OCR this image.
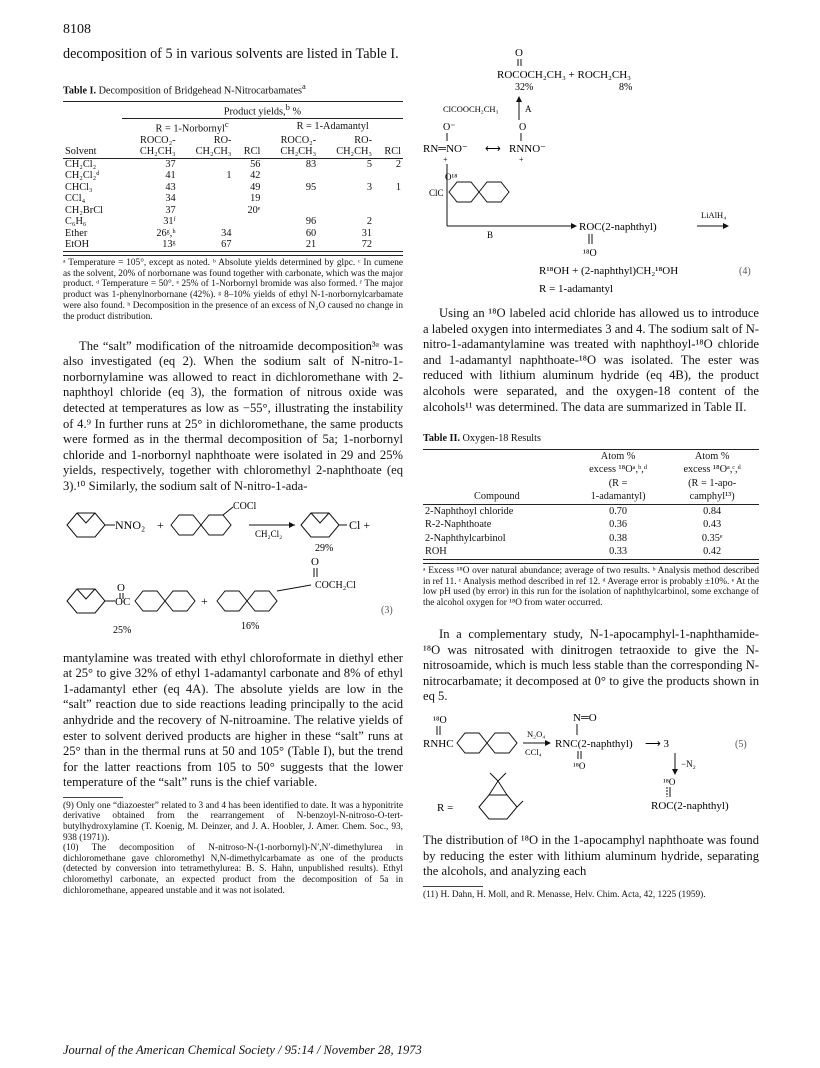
8108

decomposition of 5 in various solvents are listed in Table I.

Table I. Decomposition of Bridgehead N-Nitrocarbamates$^a$
	Product yields,$^b$ %					
	R = 1-Norbornyl$^c$			R = 1-Adamantyl		
	ROCO₂-	RO-		ROCO₂-	RO-	
Solvent	CH₂CH₃	CH₂CH₃	RCl	CH₂CH₃	CH₂CH₃	RCl
CH₂Cl₂	37		56	83	5	2
CH₂Cl₂ᵈ	41	1	42			
CHCl₃	43		49	95	3	1
CCl₄	34		19			
CH₂BrCl	37		20ᵉ			
C₆H₆	31ᶠ			96	2	
Ether	26ᵍ,ʰ	34		60	31	
EtOH	13ᵍ	67		21	72	
ᵃ Temperature = 105°, except as noted. ᵇ Absolute yields determined by glpc. ᶜ In cumene as the solvent, 20% of norbornane was found together with carbonate, which was the major product. ᵈ Temperature = 50°. ᵉ 25% of 1-Norbornyl bromide was also formed. ᶠ The major product was 1-phenylnorbornane (42%). ᵍ 8–10% yields of ethyl N-1-norbornylcarbamate were also found. ʰ Decomposition in the presence of an excess of N₂O caused no change in the product distribution.

The “salt” modification of the nitroamide decomposition³ᵃ was also investigated (eq 2). When the sodium salt of N-nitro-1-norbornylamine was allowed to react in dichloromethane with 2-naphthoyl chloride (eq 3), the formation of nitrous oxide was detected at temperatures as low as −55°, illustrating the instability of 4.⁹ In further runs at 25° in dichloromethane, the same products were formed as in the thermal decomposition of 5a; 1-norbornyl chloride and 1-norbornyl naphthoate were isolated in 29 and 25% yields, respectively, together with chloromethyl 2-naphthoate (eq 3).¹⁰ Similarly, the sodium salt of N-nitro-1-ada-

NNO₂ +
COCl
CH₂Cl₂
Cl +
29%
O
COCH₂Cl
O
OC	+
(3)
25%	16%

mantylamine was treated with ethyl chloroformate in diethyl ether at 25° to give 32% of ethyl 1-adamantyl carbonate and 8% of ethyl 1-adamantyl ether (eq 4A). The absolute yields are low in the “salt” reaction due to side reactions leading principally to the acid anhydride and the recovery of N-nitroamine. The relative yields of ester to solvent derived products are higher in these “salt” runs at 25° than in the thermal runs at 50 and 105° (Table I), but the trend for the latter reactions from 105 to 50° suggests that the lower temperature of the “salt” runs is the chief variable.

(9) Only one “diazoester” related to 3 and 4 has been identified to date. It was a hyponitrite derivative obtained from the rearrangement of N-benzoyl-N-nitroso-O-tert-butylhydroxylamine (T. Koenig, M. Deinzer, and J. A. Hoobler, J. Amer. Chem. Soc., 93, 938 (1971)).
(10) The decomposition of N-nitroso-N-(1-norbornyl)-N′,N′-dimethylurea in dichloromethane gave chloromethyl N,N-dimethylcarbamate as one of the products (detected by conversion into tetramethylurea: B. S. Hahn, unpublished results). Ethyl chloromethyl carbonate, an expected product from the decomposition of 5a in dichloromethane, appeared unstable and it was not isolated.
O
ROCOCH₂CH₃ + ROCH₂CH₃
32%	8%
ClCOOCH₂CH₃	A
O⁻	O
RN═NO⁻ ⟷ RNNO⁻
+	+
O¹⁸
ClC
B
ROC(2-naphthyl)
LiAlH₄
¹⁸O
R¹⁸OH + (2-naphthyl)CH₂¹⁸OH	(4)
R = 1-adamantyl

Using an ¹⁸O labeled acid chloride has allowed us to introduce a labeled oxygen into intermediates 3 and 4. The sodium salt of N-nitro-1-adamantylamine was treated with naphthoyl-¹⁸O chloride and 1-adamantyl naphthoate-¹⁸O was isolated. The ester was reduced with lithium aluminum hydride (eq 4B), the product alcohols were separated, and the oxygen-18 content of the alcohols¹¹ was determined. The data are summarized in Table II.

Table II. Oxygen-18 Results
	Atom %	Atom %
	excess ¹⁸Oᵃ,ᵇ,ᵈ	excess ¹⁸Oᵃ,ᶜ,ᵈ
	(R =	(R = 1-apo-
Compound	1-adamantyl)	camphyl¹³)
2-Naphthoyl chloride	0.70	0.84
R-2-Naphthoate	0.36	0.43
2-Naphthylcarbinol	0.38	0.35ᵉ
ROH	0.33	0.42
ᵃ Excess ¹⁸O over natural abundance; average of two results. ᵇ Analysis method described in ref 11. ᶜ Analysis method described in ref 12. ᵈ Average error is probably ±10%. ᵉ At the low pH used (by error) in this run for the isolation of naphthylcarbinol, some exchange of the alcohol oxygen for ¹⁸O from water occurred.

In a complementary study, N-1-apocamphyl-1-naphthamide-¹⁸O was nitrosated with dinitrogen tetraoxide to give the N-nitrosoamide, which is much less stable than the corresponding N-nitrocarbamate; it decomposed at 0° to give the products shown in eq 5.

¹⁸O
RNHC
N₂O₄
CCl₄
N═O
RNC(2-naphthyl) ⟶ 3
¹⁸O
(5)
−N₂
R =
¹⁸O
ROC(2-naphthyl)

The distribution of ¹⁸O in the 1-apocamphyl naphthoate was found by reducing the ester with lithium aluminum hydride, separating the alcohols, and analyzing each

(11) H. Dahn, H. Moll, and R. Menasse, Helv. Chim. Acta, 42, 1225 (1959).
Journal of the American Chemical Society / 95:14 / November 28, 1973
